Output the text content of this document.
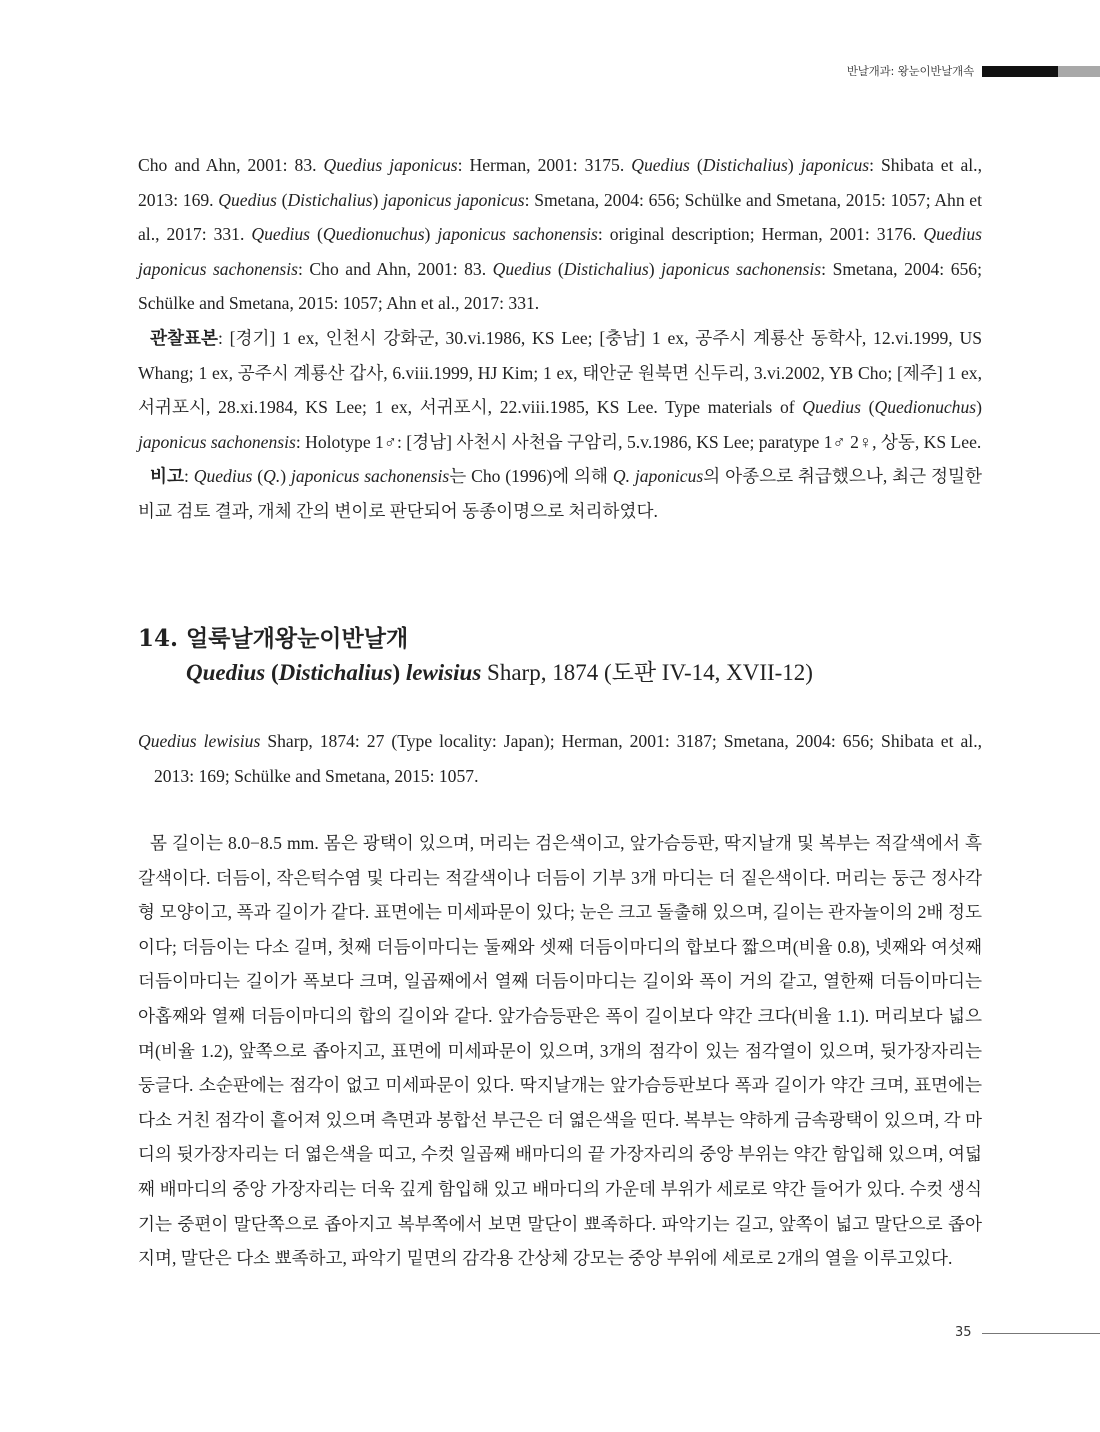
반날개과: 왕눈이반날개속

Cho and Ahn, 2001: 83. Quedius japonicus: Herman, 2001: 3175. Quedius (Distichalius) japonicus: Shibata et al., 2013: 169. Quedius (Distichalius) japonicus japonicus: Smetana, 2004: 656; Schülke and Smetana, 2015: 1057; Ahn et al., 2017: 331. Quedius (Quedionuchus) japonicus sachonensis: original description; Herman, 2001: 3176. Quedius japonicus sachonensis: Cho and Ahn, 2001: 83. Quedius (Distichalius) japonicus sachonensis: Smetana, 2004: 656; Schülke and Smetana, 2015: 1057; Ahn et al., 2017: 331.

관찰표본: [경기] 1 ex, 인천시 강화군, 30.vi.1986, KS Lee; [충남] 1 ex, 공주시 계룡산 동학사, 12.vi.1999, US Whang; 1 ex, 공주시 계룡산 갑사, 6.viii.1999, HJ Kim; 1 ex, 태안군 원북면 신두리, 3.vi.2002, YB Cho; [제주] 1 ex, 서귀포시, 28.xi.1984, KS Lee; 1 ex, 서귀포시, 22.viii.1985, KS Lee. Type materials of Quedius (Quedionuchus) japonicus sachonensis: Holotype 1♂: [경남] 사천시 사천읍 구암리, 5.v.1986, KS Lee; paratype 1♂ 2♀, 상동, KS Lee.

비고: Quedius (Q.) japonicus sachonensis는 Cho (1996)에 의해 Q. japonicus의 아종으로 취급했으나, 최근 정밀한 비교 검토 결과, 개체 간의 변이로 판단되어 동종이명으로 처리하였다.

14. 얼룩날개왕눈이반날개
Quedius (Distichalius) lewisius Sharp, 1874 (도판 IV-14, XVII-12)

Quedius lewisius Sharp, 1874: 27 (Type locality: Japan); Herman, 2001: 3187; Smetana, 2004: 656; Shibata et al., 2013: 169; Schülke and Smetana, 2015: 1057.

몸 길이는 8.0−8.5 mm. 몸은 광택이 있으며, 머리는 검은색이고, 앞가슴등판, 딱지날개 및 복부는 적갈색에서 흑갈색이다. 더듬이, 작은턱수염 및 다리는 적갈색이나 더듬이 기부 3개 마디는 더 짙은색이다. 머리는 둥근 정사각형 모양이고, 폭과 길이가 같다. 표면에는 미세파문이 있다; 눈은 크고 돌출해 있으며, 길이는 관자놀이의 2배 정도이다; 더듬이는 다소 길며, 첫째 더듬이마디는 둘째와 셋째 더듬이마디의 합보다 짧으며(비율 0.8), 넷째와 여섯째 더듬이마디는 길이가 폭보다 크며, 일곱째에서 열째 더듬이마디는 길이와 폭이 거의 같고, 열한째 더듬이마디는 아홉째와 열째 더듬이마디의 합의 길이와 같다. 앞가슴등판은 폭이 길이보다 약간 크다(비율 1.1). 머리보다 넓으며(비율 1.2), 앞쪽으로 좁아지고, 표면에 미세파문이 있으며, 3개의 점각이 있는 점각열이 있으며, 뒷가장자리는 둥글다. 소순판에는 점각이 없고 미세파문이 있다. 딱지날개는 앞가슴등판보다 폭과 길이가 약간 크며, 표면에는 다소 거친 점각이 흩어져 있으며 측면과 봉합선 부근은 더 엷은색을 띤다. 복부는 약하게 금속광택이 있으며, 각 마디의 뒷가장자리는 더 엷은색을 띠고, 수컷 일곱째 배마디의 끝 가장자리의 중앙 부위는 약간 함입해 있으며, 여덟째 배마디의 중앙 가장자리는 더욱 깊게 함입해 있고 배마디의 가운데 부위가 세로로 약간 들어가 있다. 수컷 생식기는 중편이 말단쪽으로 좁아지고 복부쪽에서 보면 말단이 뾰족하다. 파악기는 길고, 앞쪽이 넓고 말단으로 좁아지며, 말단은 다소 뾰족하고, 파악기 밑면의 감각용 간상체 강모는 중앙 부위에 세로로 2개의 열을 이루고있다.

35
